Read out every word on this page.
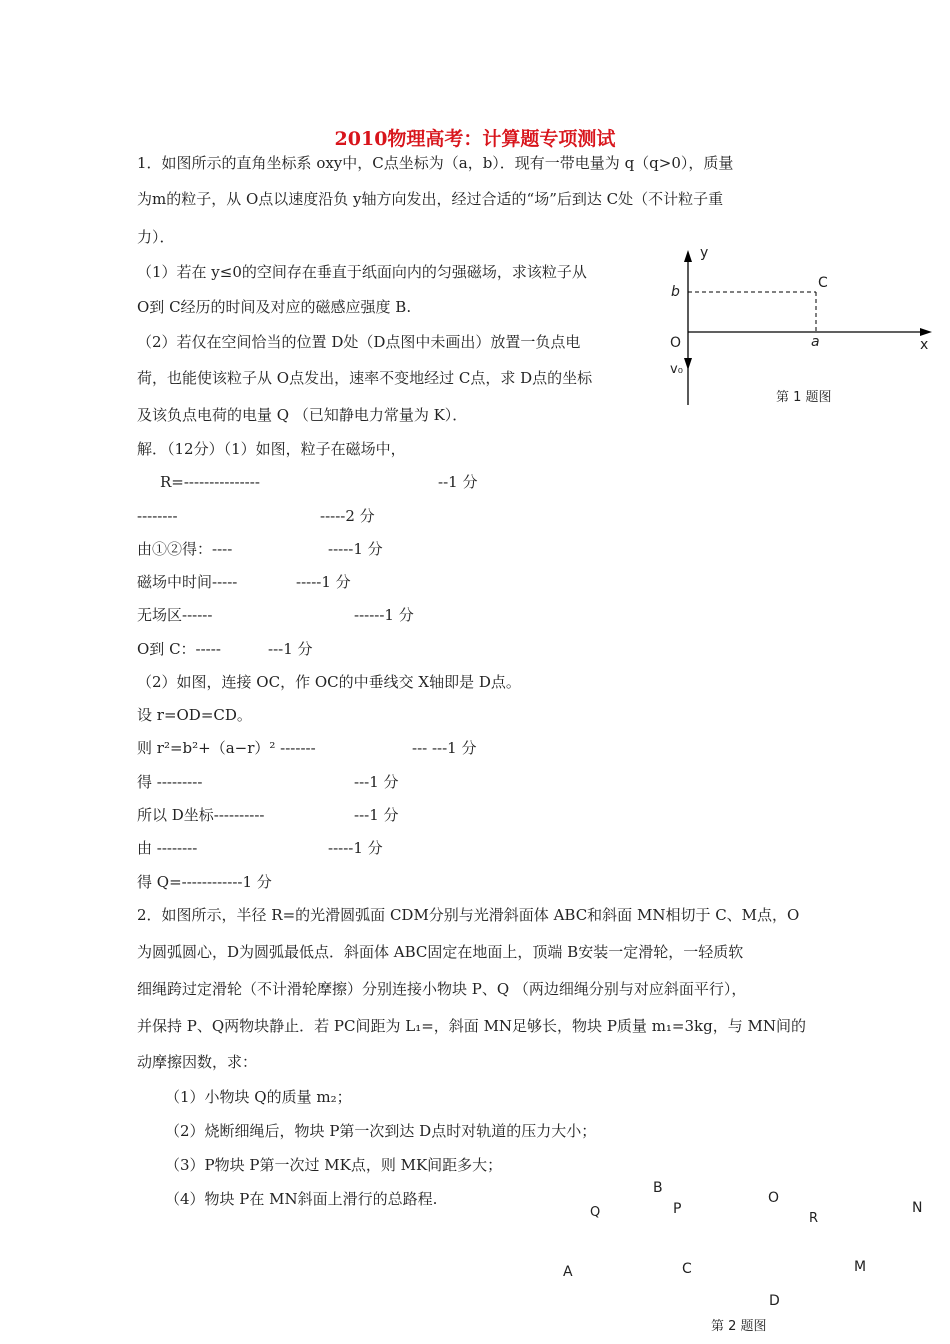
2010物理高考：计算题专项测试
1．如图所示的直角坐标系 oxy中，C点坐标为（a，b）．现有一带电量为 q（q>0），质量
为m的粒子，从 O点以速度沿负 y轴方向发出，经过合适的“场”后到达 C处（不计粒子重
力）．
（1）若在 y≤0的空间存在垂直于纸面向内的匀强磁场，求该粒子从
O到 C经历的时间及对应的磁感应强度 B.
（2）若仅在空间恰当的位置 D处（D点图中未画出）放置一负点电
荷，也能使该粒子从 O点发出，速率不变地经过 C点，求 D点的坐标
及该负点电荷的电量 Q （已知静电力常量为 K）．
y
x
b
C
O	a
v₀
第 1 题图
解．（12分）（1）如图，粒子在磁场中，
R=---------------	--1 分
--------	-----2 分
由①②得：----	-----1 分
磁场中时间-----	-----1 分
无场区------	------1 分
O到 C：-----	---1 分
（2）如图，连接 OC，作 OC的中垂线交 X轴即是 D点。
设 r=OD=CD。
则 r²=b²+（a−r）² -------	--- ---1 分
得 ---------	---1 分
所以 D坐标----------	---1 分
由 --------	-----1 分
得 Q=------------1 分
2．如图所示，半径 R=的光滑圆弧面 CDM分别与光滑斜面体 ABC和斜面 MN相切于 C、M点，O
为圆弧圆心，D为圆弧最低点．斜面体 ABC固定在地面上，顶端 B安装一定滑轮，一轻质软
细绳跨过定滑轮（不计滑轮摩擦）分别连接小物块 P、Q （两边细绳分别与对应斜面平行），
并保持 P、Q两物块静止．若 PC间距为 L₁=，斜面 MN足够长，物块 P质量 m₁=3kg，与 MN间的
动摩擦因数，求：
（1）小物块 Q的质量 m₂；
（2）烧断细绳后，物块 P第一次到达 D点时对轨道的压力大小；
（3）P物块 P第一次过 MK点，则 MK间距多大；
（4）物块 P在 MN斜面上滑行的总路程.
B
Q	P
O
R
N
A	C	M
D
第 2 题图
